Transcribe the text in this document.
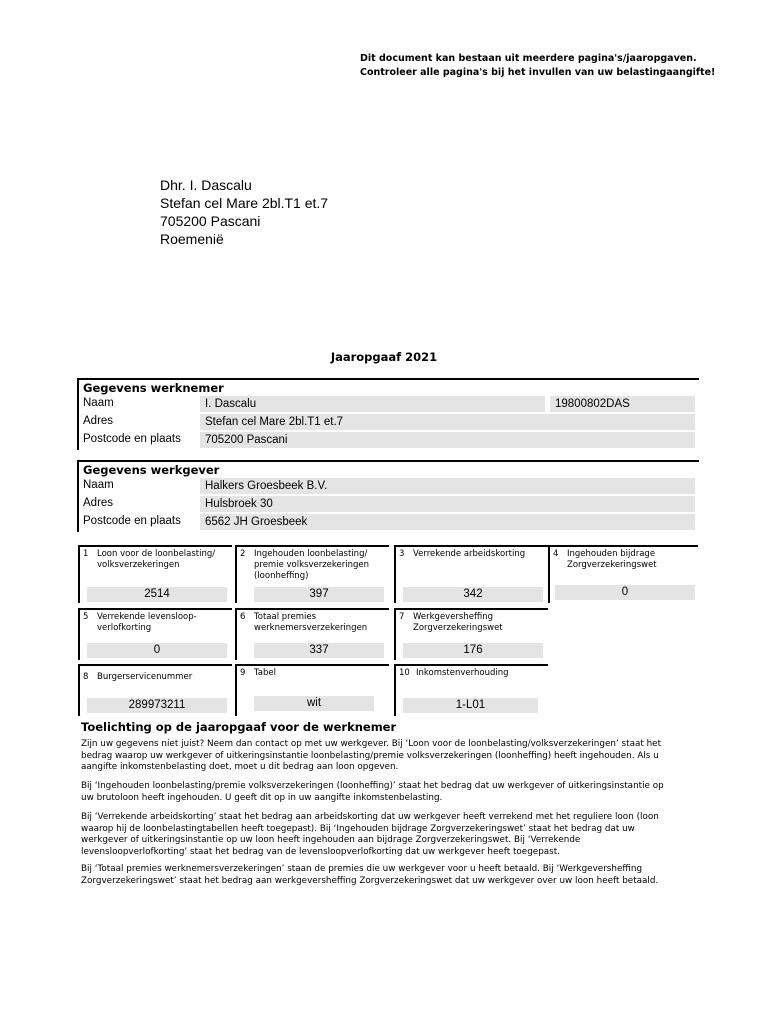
Dit document kan bestaan uit meerdere pagina's/jaaropgaven.
Controleer alle pagina's bij het invullen van uw belastingaangifte!
Dhr. I. Dascalu
Stefan cel Mare 2bl.T1 et.7
705200 Pascani
Roemenië
Jaaropgaaf 2021
Gegevens werknemer
Naam	I. Dascalu	19800802DAS
Adres	Stefan cel Mare 2bl.T1 et.7
Postcode en plaats	705200 Pascani
Gegevens werkgever
Naam	Halkers Groesbeek B.V.
Adres	Hulsbroek 30
Postcode en plaats	6562 JH Groesbeek
1 Loon voor de loonbelasting/
volksverzekeringen
2514
2 Ingehouden loonbelasting/
premie volksverzekeringen
(loonheffing)
397
3 Verrekende arbeidskorting
342
4 Ingehouden bijdrage
Zorgverzekeringswet
0
5 Verrekende levensloop-
verlofkorting
0
6 Totaal premies
werknemersverzekeringen
337
7 Werkgeversheffing
Zorgverzekeringswet
176
8 Burgerservicenummer
289973211
9 Tabel
wit
10 Inkomstenverhouding
1-L01
Toelichting op de jaaropgaaf voor de werknemer
Zijn uw gegevens niet juist? Neem dan contact op met uw werkgever. Bij ‘Loon voor de loonbelasting/volksverzekeringen’ staat het bedrag waarop uw werkgever of uitkeringsinstantie loonbelasting/premie volksverzekeringen (loonheffing) heeft ingehouden. Als u aangifte inkomstenbelasting doet, moet u dit bedrag aan loon opgeven.
Bij ‘Ingehouden loonbelasting/premie volksverzekeringen (loonheffing)’ staat het bedrag dat uw werkgever of uitkeringsinstantie op uw brutoloon heeft ingehouden. U geeft dit op in uw aangifte inkomstenbelasting.
Bij ‘Verrekende arbeidskorting’ staat het bedrag aan arbeidskorting dat uw werkgever heeft verrekend met het reguliere loon (loon waarop hij de loonbelastingtabellen heeft toegepast). Bij ‘Ingehouden bijdrage Zorgverzekeringswet’ staat het bedrag dat uw werkgever of uitkeringsinstantie op uw loon heeft ingehouden aan bijdrage Zorgverzekeringswet. Bij ‘Verrekende levensloopverlofkorting’ staat het bedrag van de levensloopverlofkorting dat uw werkgever heeft toegepast.
Bij ‘Totaal premies werknemersverzekeringen’ staan de premies die uw werkgever voor u heeft betaald. Bij ‘Werkgeversheffing Zorgverzekeringswet’ staat het bedrag aan werkgeversheffing Zorgverzekeringswet dat uw werkgever over uw loon heeft betaald.
